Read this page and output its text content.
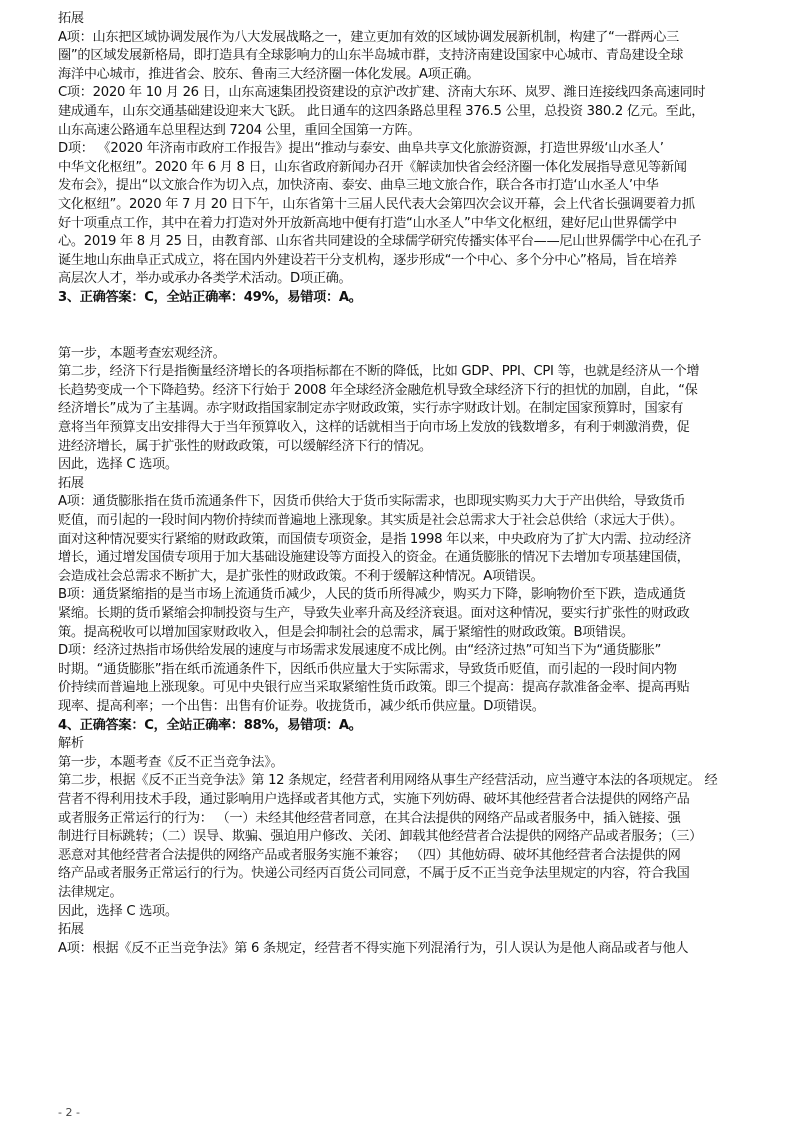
拓展
A项：山东把区域协调发展作为八大发展战略之一，建立更加有效的区域协调发展新机制，构建了“一群两心三
圈”的区域发展新格局，即打造具有全球影响力的山东半岛城市群，支持济南建设国家中心城市、青岛建设全球
海洋中心城市，推进省会、胶东、鲁南三大经济圈一体化发展。A项正确。
C项：2020 年 10 月 26 日，山东高速集团投资建设的京沪改扩建、济南大东环、岚罗、潍日连接线四条高速同时
建成通车，山东交通基础建设迎来大飞跃。 此日通车的这四条路总里程 376.5 公里，总投资 380.2 亿元。至此，
山东高速公路通车总里程达到 7204 公里，重回全国第一方阵。
D项： 《2020 年济南市政府工作报告》提出“推动与泰安、曲阜共享文化旅游资源，打造世界级‘山水圣人’
中华文化枢纽”。2020 年 6 月 8 日，山东省政府新闻办召开《解读加快省会经济圈一体化发展指导意见等新闻
发布会》，提出“以文旅合作为切入点，加快济南、泰安、曲阜三地文旅合作，联合各市打造‘山水圣人’中华
文化枢纽”。2020 年 7 月 20 日下午，山东省第十三届人民代表大会第四次会议开幕，会上代省长强调要着力抓
好十项重点工作，其中在着力打造对外开放新高地中便有打造“山水圣人”中华文化枢纽，建好尼山世界儒学中
心。2019 年 8 月 25 日，由教育部、山东省共同建设的全球儒学研究传播实体平台——尼山世界儒学中心在孔子
诞生地山东曲阜正式成立，将在国内外建设若干分支机构，逐步形成“一个中心、多个分中心”格局，旨在培养
高层次人才，举办或承办各类学术活动。D项正确。
3、正确答案：C，全站正确率：49%，易错项：A。
第一步，本题考查宏观经济。
第二步，经济下行是指衡量经济增长的各项指标都在不断的降低，比如 GDP、PPI、CPI 等，也就是经济从一个增
长趋势变成一个下降趋势。经济下行始于 2008 年全球经济金融危机导致全球经济下行的担忧的加剧，自此，“保
经济增长”成为了主基调。赤字财政指国家制定赤字财政政策，实行赤字财政计划。在制定国家预算时，国家有
意将当年预算支出安排得大于当年预算收入，这样的话就相当于向市场上发放的钱数增多，有利于刺激消费，促
进经济增长，属于扩张性的财政政策，可以缓解经济下行的情况。
因此，选择 C 选项。
拓展
A项：通货膨胀指在货币流通条件下，因货币供给大于货币实际需求，也即现实购买力大于产出供给，导致货币
贬值，而引起的一段时间内物价持续而普遍地上涨现象。其实质是社会总需求大于社会总供给（求远大于供）。
面对这种情况要实行紧缩的财政政策，而国债专项资金，是指 1998 年以来，中央政府为了扩大内需、拉动经济
增长，通过增发国债专项用于加大基础设施建设等方面投入的资金。在通货膨胀的情况下去增加专项基建国债，
会造成社会总需求不断扩大，是扩张性的财政政策。不利于缓解这种情况。A项错误。
B项：通货紧缩指的是当市场上流通货币减少，人民的货币所得减少，购买力下降，影响物价至下跌，造成通货
紧缩。长期的货币紧缩会抑制投资与生产，导致失业率升高及经济衰退。面对这种情况，要实行扩张性的财政政
策。提高税收可以增加国家财政收入，但是会抑制社会的总需求，属于紧缩性的财政政策。B项错误。
D项：经济过热指市场供给发展的速度与市场需求发展速度不成比例。由“经济过热”可知当下为“通货膨胀”
时期。“通货膨胀”指在纸币流通条件下，因纸币供应量大于实际需求，导致货币贬值，而引起的一段时间内物
价持续而普遍地上涨现象。可见中央银行应当采取紧缩性货币政策。即三个提高：提高存款准备金率、提高再贴
现率、提高利率；一个出售：出售有价证券。收拢货币，减少纸币供应量。D项错误。
4、正确答案：C，全站正确率：88%，易错项：A。
解析
第一步，本题考查《反不正当竞争法》。
第二步，根据《反不正当竞争法》第 12 条规定，经营者利用网络从事生产经营活动，应当遵守本法的各项规定。 经
营者不得利用技术手段，通过影响用户选择或者其他方式，实施下列妨碍、破坏其他经营者合法提供的网络产品
或者服务正常运行的行为： （一）未经其他经营者同意，在其合法提供的网络产品或者服务中，插入链接、强
制进行目标跳转；（二）误导、欺骗、强迫用户修改、关闭、卸载其他经营者合法提供的网络产品或者服务；（三）
恶意对其他经营者合法提供的网络产品或者服务实施不兼容； （四）其他妨碍、破坏其他经营者合法提供的网
络产品或者服务正常运行的行为。快递公司经丙百货公司同意，不属于反不正当竞争法里规定的内容，符合我国
法律规定。
因此，选择 C 选项。
拓展
A项：根据《反不正当竞争法》第 6 条规定，经营者不得实施下列混淆行为，引人误认为是他人商品或者与他人
- 2 -
